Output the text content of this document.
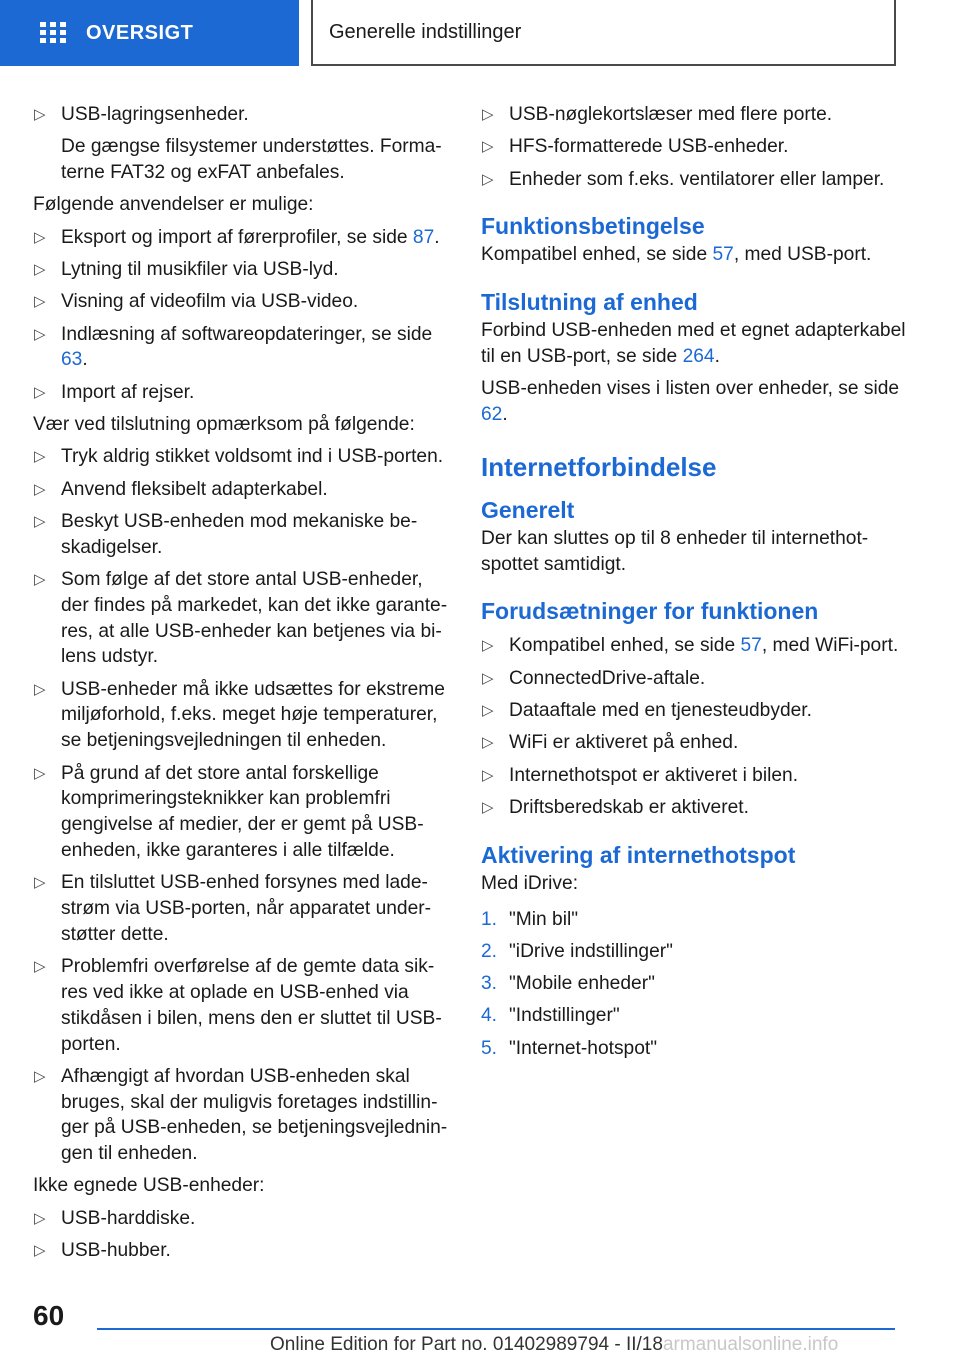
OVERSIGT	Generelle indstillinger
▷ USB-lagringsenheder.
De gængse filsystemer understøttes. Formaterne FAT32 og exFAT anbefales.
Følgende anvendelser er mulige:
▷ Eksport og import af førerprofiler, se side 87.
▷ Lytning til musikfiler via USB-lyd.
▷ Visning af videofilm via USB-video.
▷ Indlæsning af softwareopdateringer, se side 63.
▷ Import af rejser.
Vær ved tilslutning opmærksom på følgende:
▷ Tryk aldrig stikket voldsomt ind i USB-porten.
▷ Anvend fleksibelt adapterkabel.
▷ Beskyt USB-enheden mod mekaniske beskadigelser.
▷ Som følge af det store antal USB-enheder, der findes på markedet, kan det ikke garanteres, at alle USB-enheder kan betjenes via bilens udstyr.
▷ USB-enheder må ikke udsættes for ekstreme miljøforhold, f.eks. meget høje temperaturer, se betjeningsvejledningen til enheden.
▷ På grund af det store antal forskellige komprimeringsteknikker kan problemfri gengivelse af medier, der er gemt på USB-enheden, ikke garanteres i alle tilfælde.
▷ En tilsluttet USB-enhed forsynes med ladestrøm via USB-porten, når apparatet understøtter dette.
▷ Problemfri overførelse af de gemte data sikres ved ikke at oplade en USB-enhed via stikdåsen i bilen, mens den er sluttet til USB-porten.
▷ Afhængigt af hvordan USB-enheden skal bruges, skal der muligvis foretages indstillinger på USB-enheden, se betjeningsvejledningen til enheden.
Ikke egnede USB-enheder:
▷ USB-harddiske.
▷ USB-hubber.
▷ USB-nøglekortslæser med flere porte.
▷ HFS-formatterede USB-enheder.
▷ Enheder som f.eks. ventilatorer eller lamper.
Funktionsbetingelse
Kompatibel enhed, se side 57, med USB-port.
Tilslutning af enhed
Forbind USB-enheden med et egnet adapterkabel til en USB-port, se side 264.
USB-enheden vises i listen over enheder, se side 62.
Internetforbindelse
Generelt
Der kan sluttes op til 8 enheder til internethotspottet samtidigt.
Forudsætninger for funktionen
▷ Kompatibel enhed, se side 57, med WiFi-port.
▷ ConnectedDrive-aftale.
▷ Dataaftale med en tjenesteudbyder.
▷ WiFi er aktiveret på enhed.
▷ Internethotspot er aktiveret i bilen.
▷ Driftsberedskab er aktiveret.
Aktivering af internethotspot
Med iDrive:
1. "Min bil"
2. "iDrive indstillinger"
3. "Mobile enheder"
4. "Indstillinger"
5. "Internet-hotspot"
60
Online Edition for Part no. 01402989794 - II/18armanualsonline.info
